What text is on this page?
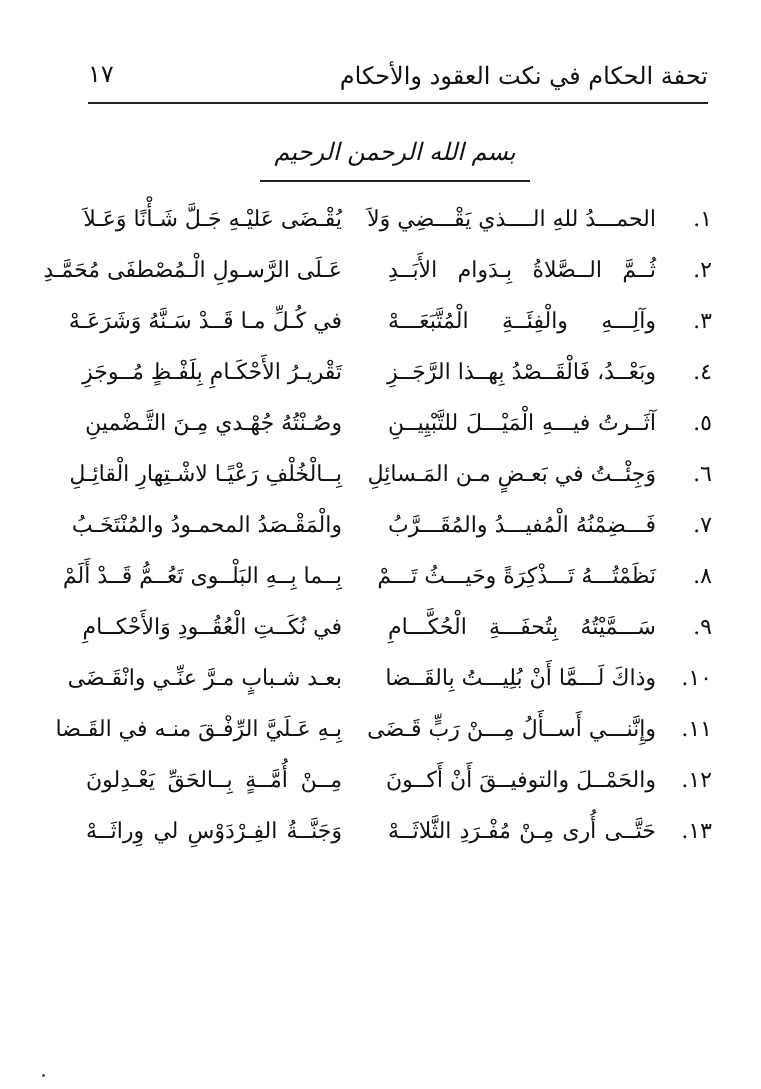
تحفة الحكام في نكت العقود والأحكام
١٧
بسم الله الرحمن الرحيم
١.
الحمـــدُ للهِ الــــذي يَقْـــضِي وَلاَ
يُقْـضَى عَليْـهِ جَـلَّ شَـأْنًا وَعَـلاَ
٢.
ثُــمَّ الــصَّلاةُ بِـدَوام الأَبَــدِ
عَـلَى الرَّسـولِ الْـمُصْطفَى مُحَمَّـدِ
٣.
وآلِـــهِ والْفِئَــةِ الْمُتَّبَعَـــهْ
في كُـلِّ مـا قَــدْ سَـنَّهُ وَشَرَعَـهْ
٤.
وبَعْــدُ، فَالْقَــصْدُ بِهــذا الرَّجَــزِ
تَقْريـرُ الأَحْكَـامِ بِلَفْـظٍ مُــوجَزِ
٥.
آثَــرتُ فيـــهِ الْمَيْـــلَ للتَّبْيِيــنِ
وصُـنْتُهُ جُهْـدي مِـنَ التَّـضْمينِ
٦.
وَجِئْــتُ في بَعـضٍ مـن المَـسائِلِ
بِــالْخُلْفِ رَعْيًـا لاشْـتِهارِ الْقائِـلِ
٧.
فَـــضِمْنُهُ الْمُفيـــدُ والمُقَـــرَّبُ
والْمَقْـصَدُ المحمـودُ والمُنْتَخَـبُ
٨.
نَظَمْتُـــهُ تَـــذْكِرَةً وحَيـــثُ تَـــمْ
بِــما بِــهِ البَلْــوى تَعُــمُّ قَــدْ أَلَمْ
٩.
سَـــمَّيْتُهُ بِتُحفَـــةِ الْحُكَّـــامِ
في نُكَــتِ الْعُقُــودِ وَالأَحْكــامِ
١٠.
وذاكَ لَـــمَّا أَنْ بُلِيـــتُ بِالقَــضا
بعـد شـبابٍ مـرَّ عنِّـي وانْقَـضَى
١١.
وإِنَّنـــي أَســأَلُ مِـــنْ رَبٍّ قَـضَى
بِـهِ عَـلَيَّ الرِّفْـقَ منـه في القَـضا
١٢.
والحَمْــلَ والتوفيــقَ أَنْ أَكــونَ
مِــنْ أُمَّــةٍ بِــالحَقِّ يَعْـدِلونَ
١٣.
حَتَّــى أُرى مِـنْ مُفْـرَدِ الثَّلاثَــهْ
وَجَنَّــةُ الفِـرْدَوْسِ لي وِراثَــهْ
